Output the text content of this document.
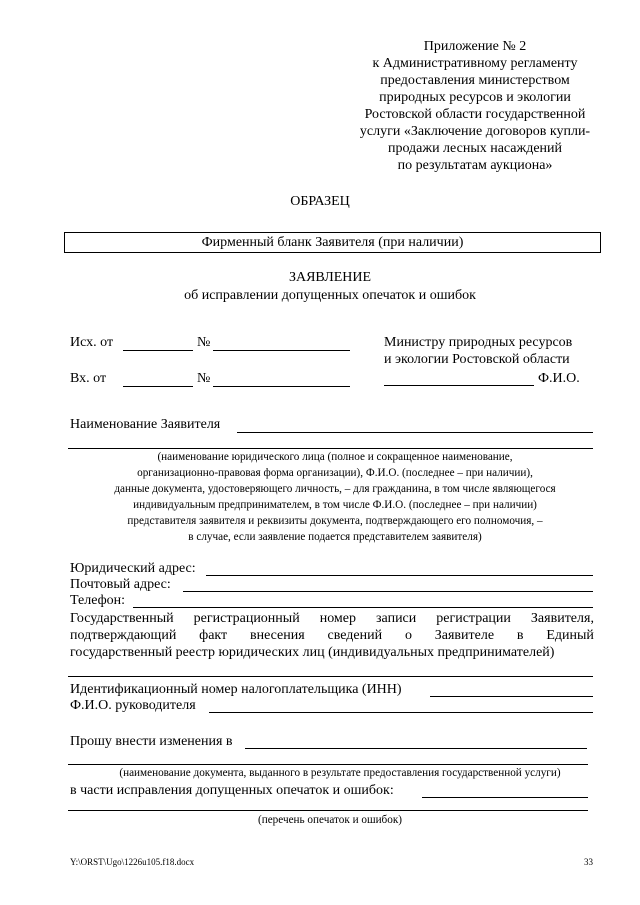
Приложение № 2
к Административному регламенту
предоставления министерством
природных ресурсов и экологии
Ростовской области государственной
услуги «Заключение договоров купли-
продажи лесных насаждений
по результатам аукциона»
ОБРАЗЕЦ
Фирменный бланк Заявителя (при наличии)
ЗАЯВЛЕНИЕ
об исправлении допущенных опечаток и ошибок
Исх. от	№
Вх. от	№
Министру природных ресурсов
и экологии Ростовской области
Ф.И.О.
Наименование Заявителя
(наименование юридического лица (полное и сокращенное наименование,
организационно-правовая форма организации), Ф.И.О. (последнее – при наличии),
данные документа, удостоверяющего личность, – для гражданина, в том числе являющегося
индивидуальным предпринимателем, в том числе Ф.И.О. (последнее – при наличии)
представителя заявителя и реквизиты документа, подтверждающего его полномочия, –
в случае, если заявление подается представителем заявителя)
Юридический адрес:
Почтовый адрес:
Телефон:
Государственный регистрационный номер записи регистрации Заявителя,
подтверждающий факт внесения сведений о Заявителе в Единый
государственный реестр юридических лиц (индивидуальных предпринимателей)
Идентификационный номер налогоплательщика (ИНН)
Ф.И.О. руководителя
Прошу внести изменения в
(наименование документа, выданного в результате предоставления государственной услуги)
в части исправления допущенных опечаток и ошибок:
(перечень опечаток и ошибок)
Y:\ORST\Ugo\1226u105.f18.docx	33
